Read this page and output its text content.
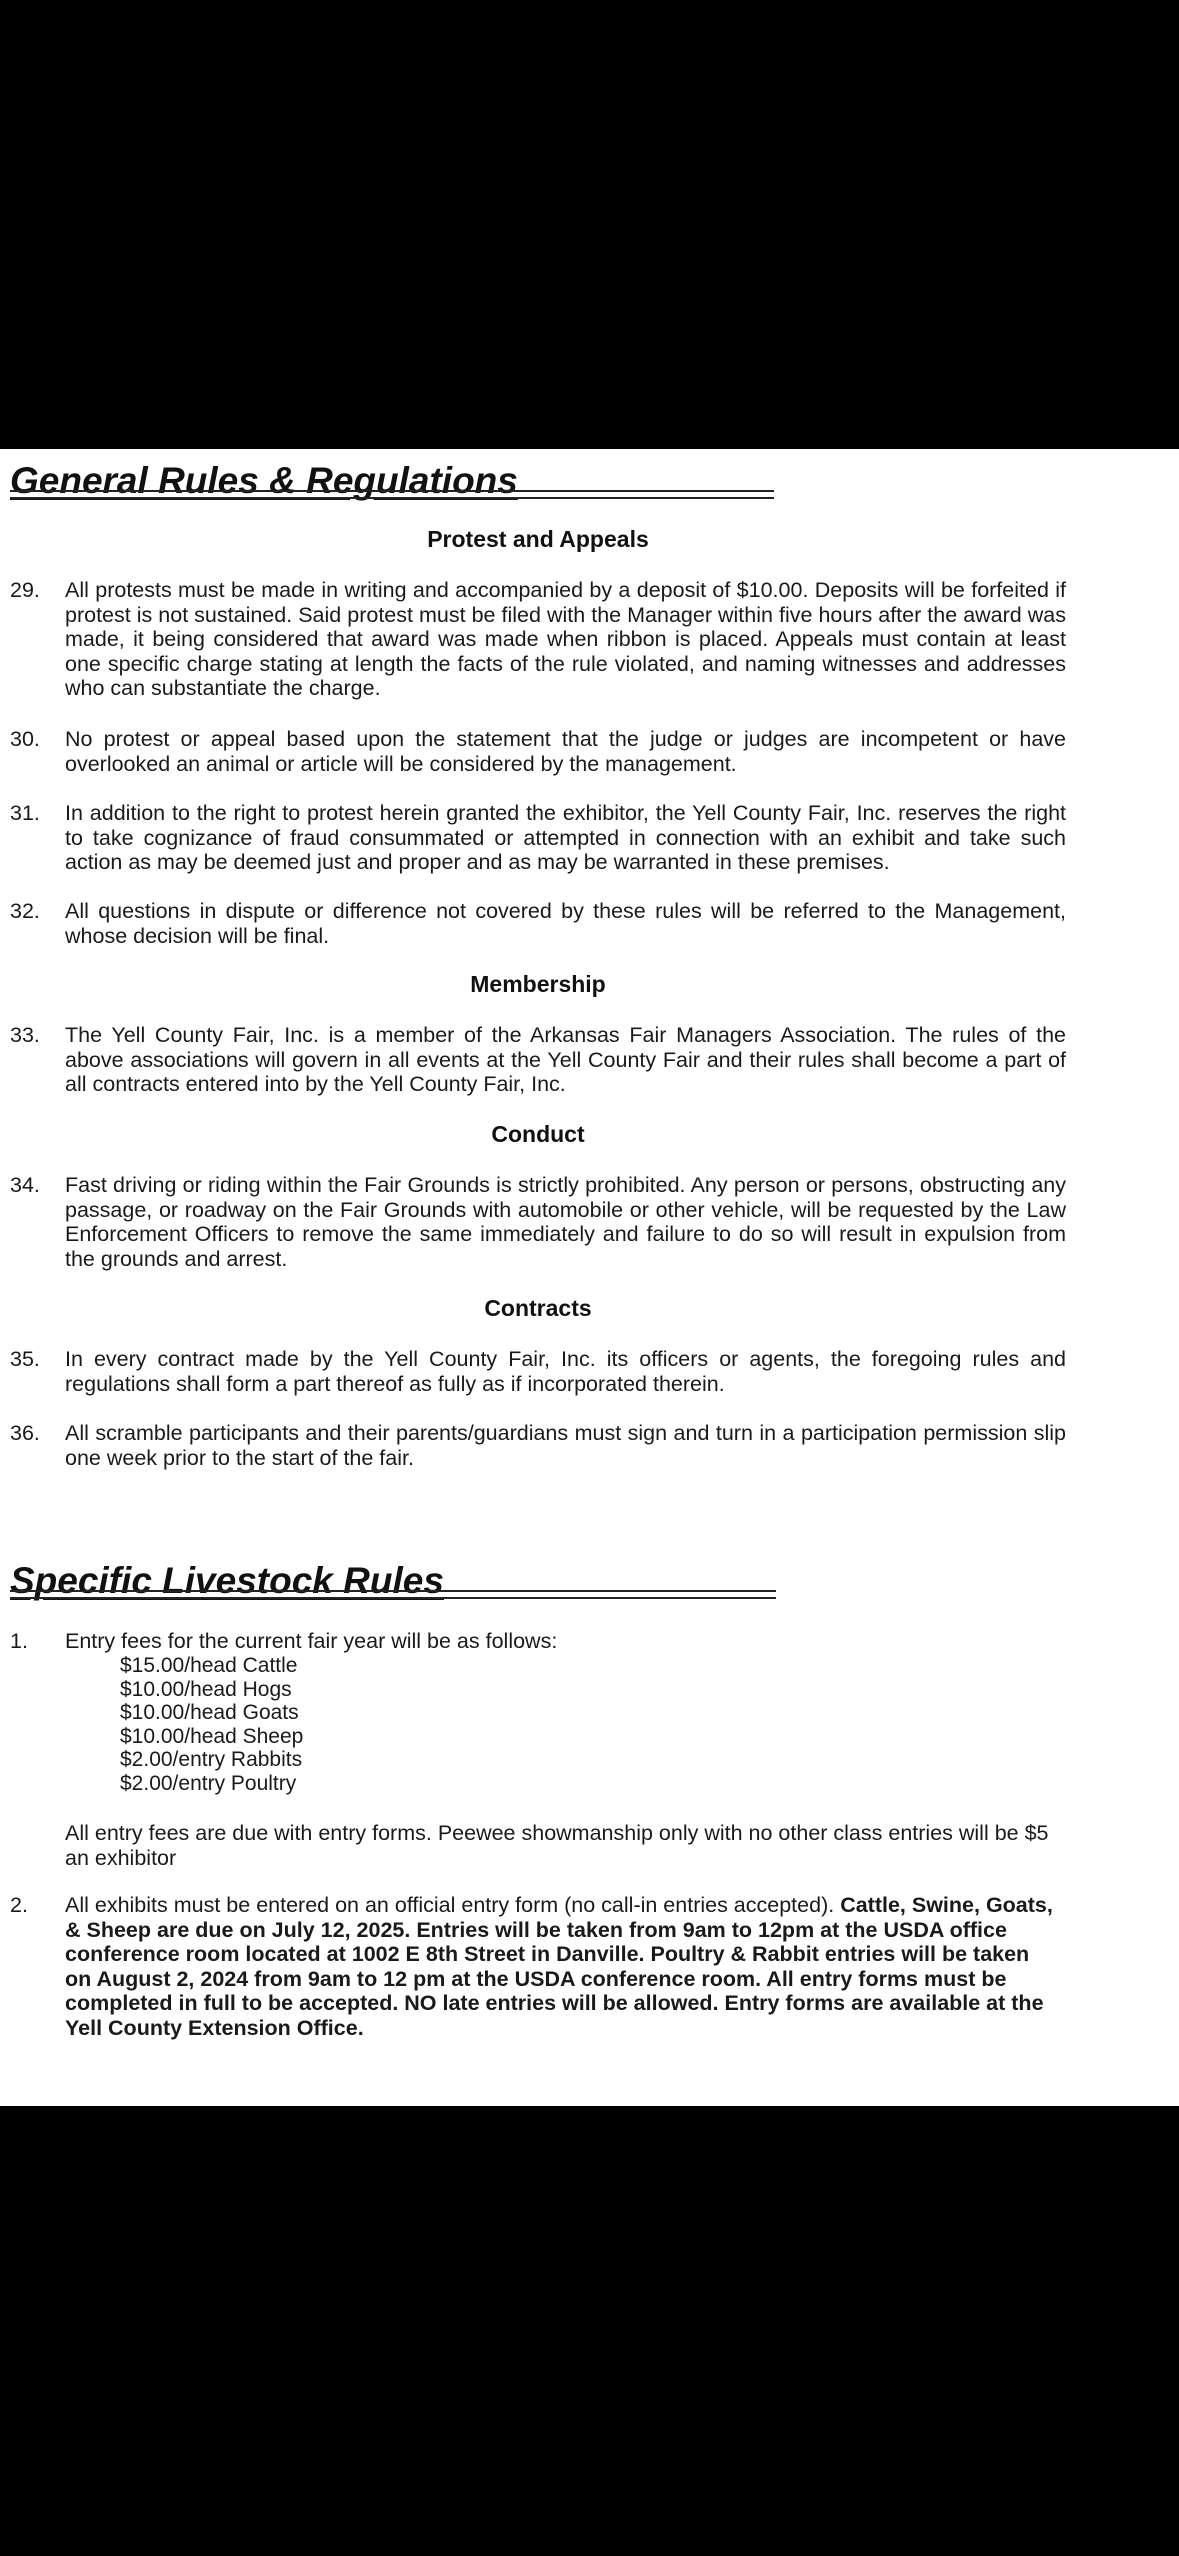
General Rules & Regulations
Protest and Appeals
29.	All protests must be made in writing and accompanied by a deposit of $10.00. Deposits will be forfeited if protest is not sustained. Said protest must be filed with the Manager within five hours after the award was made, it being considered that award was made when ribbon is placed. Appeals must contain at least one specific charge stating at length the facts of the rule violated, and naming witnesses and addresses who can substantiate the charge.
30.	No protest or appeal based upon the statement that the judge or judges are incompetent or have overlooked an animal or article will be considered by the management.
31.	In addition to the right to protest herein granted the exhibitor, the Yell County Fair, Inc. reserves the right to take cognizance of fraud consummated or attempted in connection with an exhibit and take such action as may be deemed just and proper and as may be warranted in these premises.
32.	All questions in dispute or difference not covered by these rules will be referred to the Management, whose decision will be final.
Membership
33.	The Yell County Fair, Inc. is a member of the Arkansas Fair Managers Association. The rules of the above associations will govern in all events at the Yell County Fair and their rules shall become a part of all contracts entered into by the Yell County Fair, Inc.
Conduct
34.	Fast driving or riding within the Fair Grounds is strictly prohibited. Any person or persons, obstructing any passage, or roadway on the Fair Grounds with automobile or other vehicle, will be requested by the Law Enforcement Officers to remove the same immediately and failure to do so will result in expulsion from the grounds and arrest.
Contracts
35.	In every contract made by the Yell County Fair, Inc. its officers or agents, the foregoing rules and regulations shall form a part thereof as fully as if incorporated therein.
36.	All scramble participants and their parents/guardians must sign and turn in a participation permission slip one week prior to the start of the fair.
Specific Livestock Rules
1.	Entry fees for the current fair year will be as follows:
$15.00/head Cattle
$10.00/head Hogs
$10.00/head Goats
$10.00/head Sheep
$2.00/entry Rabbits
$2.00/entry Poultry
All entry fees are due with entry forms. Peewee showmanship only with no other class entries will be $5 an exhibitor
2.	All exhibits must be entered on an official entry form (no call-in entries accepted). Cattle, Swine, Goats, & Sheep are due on July 12, 2025. Entries will be taken from 9am to 12pm at the USDA office conference room located at 1002 E 8th Street in Danville. Poultry & Rabbit entries will be taken on August 2, 2024 from 9am to 12 pm at the USDA conference room. All entry forms must be completed in full to be accepted. NO late entries will be allowed. Entry forms are available at the Yell County Extension Office.
